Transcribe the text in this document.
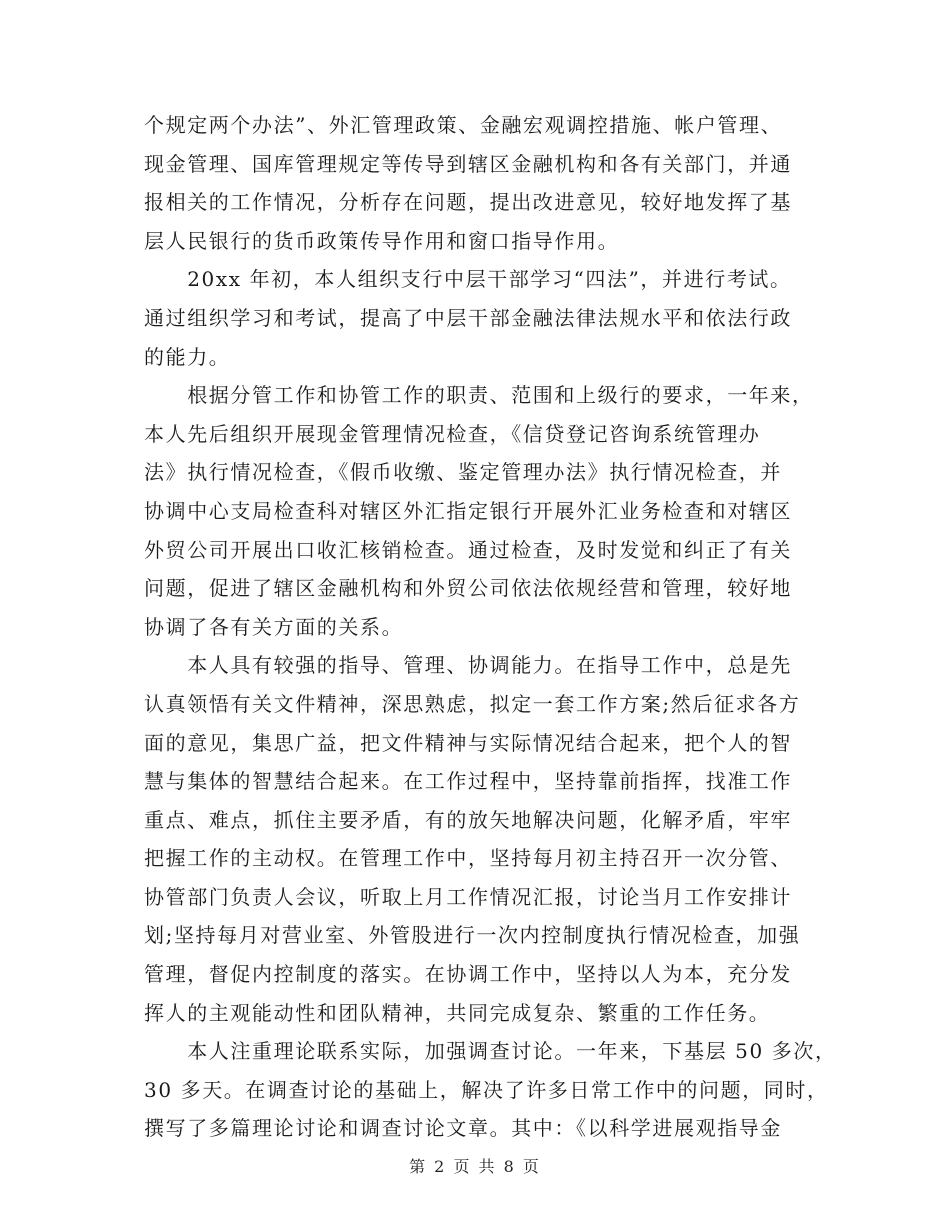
个规定两个办法”、外汇管理政策、金融宏观调控措施、帐户管理、
现金管理、国库管理规定等传导到辖区金融机构和各有关部门，并通
报相关的工作情况，分析存在问题，提出改进意见，较好地发挥了基
层人民银行的货币政策传导作用和窗口指导作用。

　　20xx 年初，本人组织支行中层干部学习“四法”，并进行考试。
通过组织学习和考试，提高了中层干部金融法律法规水平和依法行政
的能力。

　　根据分管工作和协管工作的职责、范围和上级行的要求，一年来，
本人先后组织开展现金管理情况检查，《信贷登记咨询系统管理办
法》执行情况检查，《假币收缴、鉴定管理办法》执行情况检查，并
协调中心支局检查科对辖区外汇指定银行开展外汇业务检查和对辖区
外贸公司开展出口收汇核销检查。通过检查，及时发觉和纠正了有关
问题，促进了辖区金融机构和外贸公司依法依规经营和管理，较好地
协调了各有关方面的关系。

　　本人具有较强的指导、管理、协调能力。在指导工作中，总是先
认真领悟有关文件精神，深思熟虑，拟定一套工作方案;然后征求各方
面的意见，集思广益，把文件精神与实际情况结合起来，把个人的智
慧与集体的智慧结合起来。在工作过程中，坚持靠前指挥，找准工作
重点、难点，抓住主要矛盾，有的放矢地解决问题，化解矛盾，牢牢
把握工作的主动权。在管理工作中，坚持每月初主持召开一次分管、
协管部门负责人会议，听取上月工作情况汇报，讨论当月工作安排计
划;坚持每月对营业室、外管股进行一次内控制度执行情况检查，加强
管理，督促内控制度的落实。在协调工作中，坚持以人为本，充分发
挥人的主观能动性和团队精神，共同完成复杂、繁重的工作任务。

　　本人注重理论联系实际，加强调查讨论。一年来，下基层 50 多次，
30 多天。在调查讨论的基础上，解决了许多日常工作中的问题，同时，
撰写了多篇理论讨论和调查讨论文章。其中：《以科学进展观指导金

第 2 页 共 8 页
